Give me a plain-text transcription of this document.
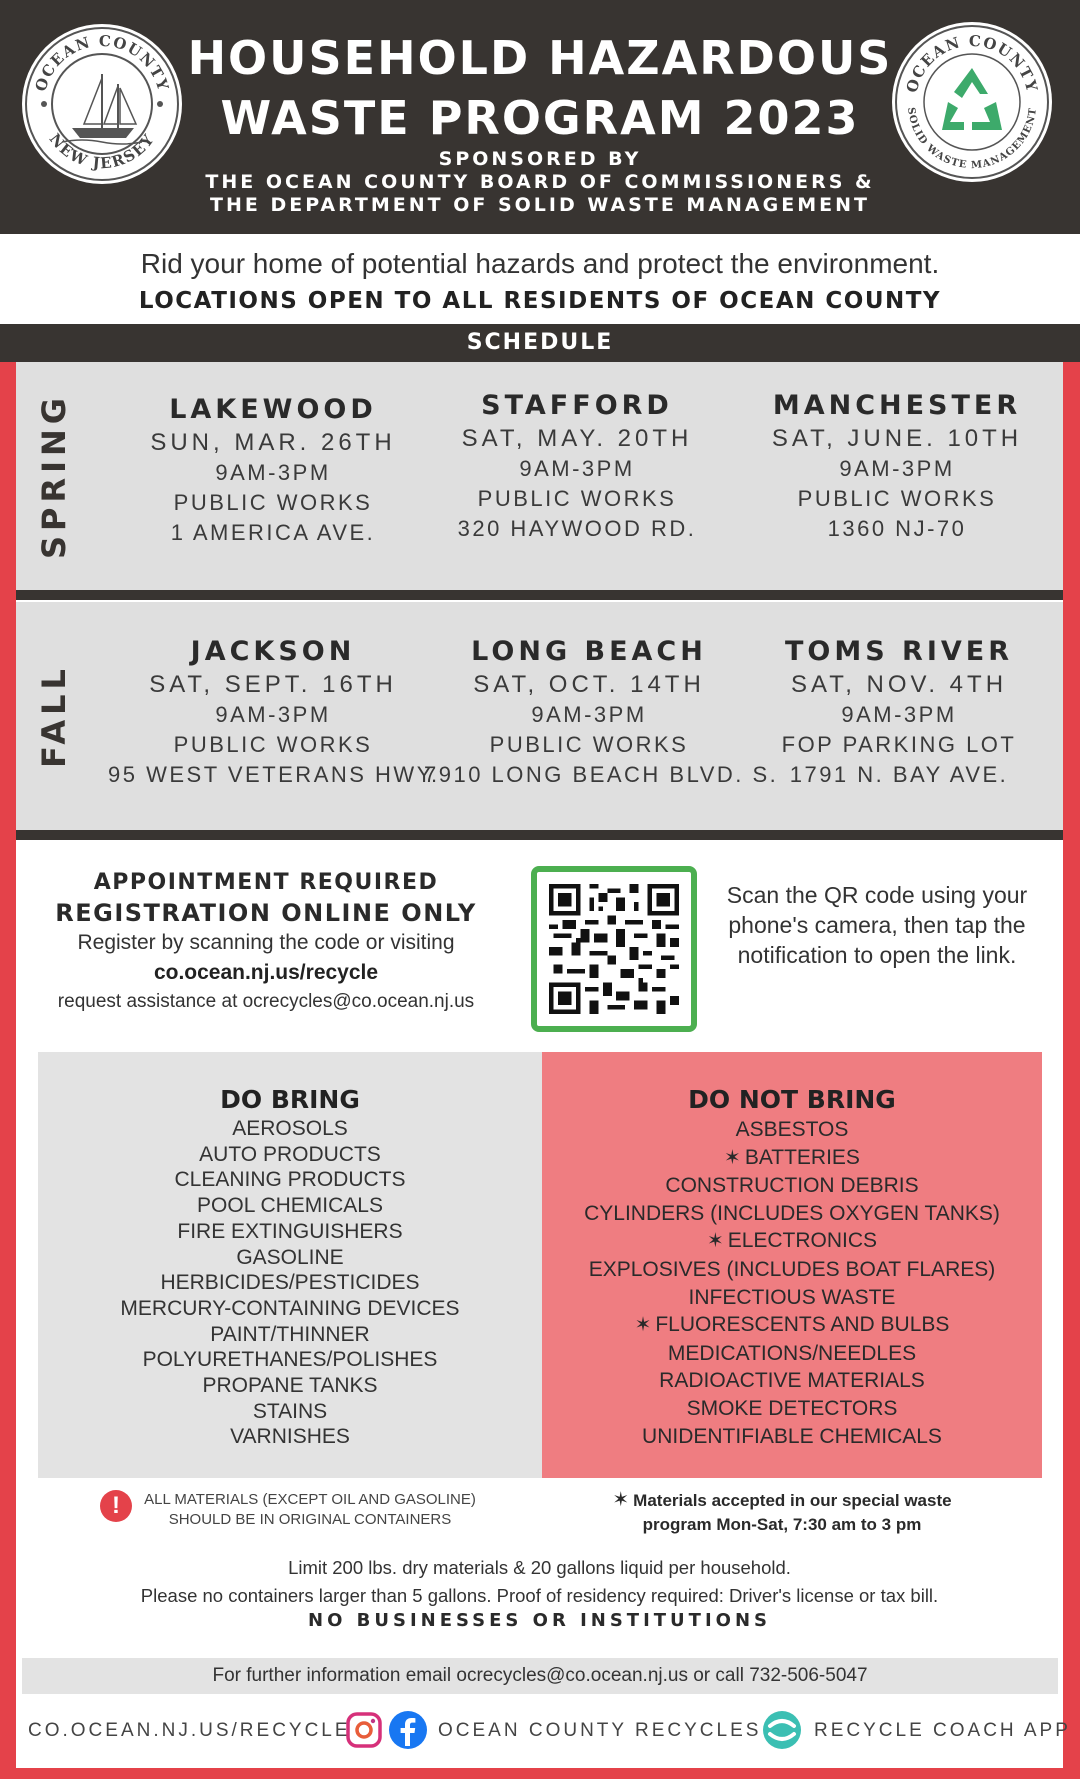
OCEAN COUNTY
NEW JERSEY
HOUSEHOLD HAZARDOUS
WASTE PROGRAM 2023
SPONSORED BY
THE OCEAN COUNTY BOARD OF COMMISSIONERS &
THE DEPARTMENT OF SOLID WASTE MANAGEMENT
OCEAN COUNTY
SOLID WASTE MANAGEMENT
Rid your home of potential hazards and protect the environment.
LOCATIONS OPEN TO ALL RESIDENTS OF OCEAN COUNTY
SCHEDULE
SPRING	LAKEWOOD
SUN, MAR. 26TH
9AM-3PM
PUBLIC WORKS
1 AMERICA AVE.
STAFFORD
SAT, MAY. 20TH
9AM-3PM
PUBLIC WORKS
320 HAYWOOD RD.
MANCHESTER
SAT, JUNE. 10TH
9AM-3PM
PUBLIC WORKS
1360 NJ-70
FALL
JACKSON
SAT, SEPT. 16TH
9AM-3PM
PUBLIC WORKS
95 WEST VETERANS HWY.
LONG BEACH
SAT, OCT. 14TH
9AM-3PM
PUBLIC WORKS
7910 LONG BEACH BLVD. S.
TOMS RIVER
SAT, NOV. 4TH
9AM-3PM
FOP PARKING LOT
1791 N. BAY AVE.
APPOINTMENT REQUIRED
REGISTRATION ONLINE ONLY
Register by scanning the code or visiting
co.ocean.nj.us/recycle
request assistance at ocrecycles@co.ocean.nj.us
Scan the QR code using your phone's camera, then tap the notification to open the link.
DO BRING
AEROSOLS
AUTO PRODUCTS
CLEANING PRODUCTS
POOL CHEMICALS
FIRE EXTINGUISHERS
GASOLINE
HERBICIDES/PESTICIDES
MERCURY-CONTAINING DEVICES
PAINT/THINNER
POLYURETHANES/POLISHES
PROPANE TANKS
STAINS
VARNISHES
DO NOT BRING
ASBESTOS
✶ BATTERIES
CONSTRUCTION DEBRIS
CYLINDERS (INCLUDES OXYGEN TANKS)
✶ ELECTRONICS
EXPLOSIVES (INCLUDES BOAT FLARES)
INFECTIOUS WASTE
✶ FLUORESCENTS AND BULBS
MEDICATIONS/NEEDLES
RADIOACTIVE MATERIALS
SMOKE DETECTORS
UNIDENTIFIABLE CHEMICALS
!	ALL MATERIALS (EXCEPT OIL AND GASOLINE)
SHOULD BE IN ORIGINAL CONTAINERS
✶ Materials accepted in our special waste
program Mon-Sat, 7:30 am to 3 pm
Limit 200 lbs. dry materials & 20 gallons liquid per household.
Please no containers larger than 5 gallons. Proof of residency required: Driver's license or tax bill.
NO BUSINESSES OR INSTITUTIONS
For further information email ocrecycles@co.ocean.nj.us or call 732-506-5047
CO.OCEAN.NJ.US/RECYCLE	OCEAN COUNTY RECYCLES	RECYCLE COACH APP
